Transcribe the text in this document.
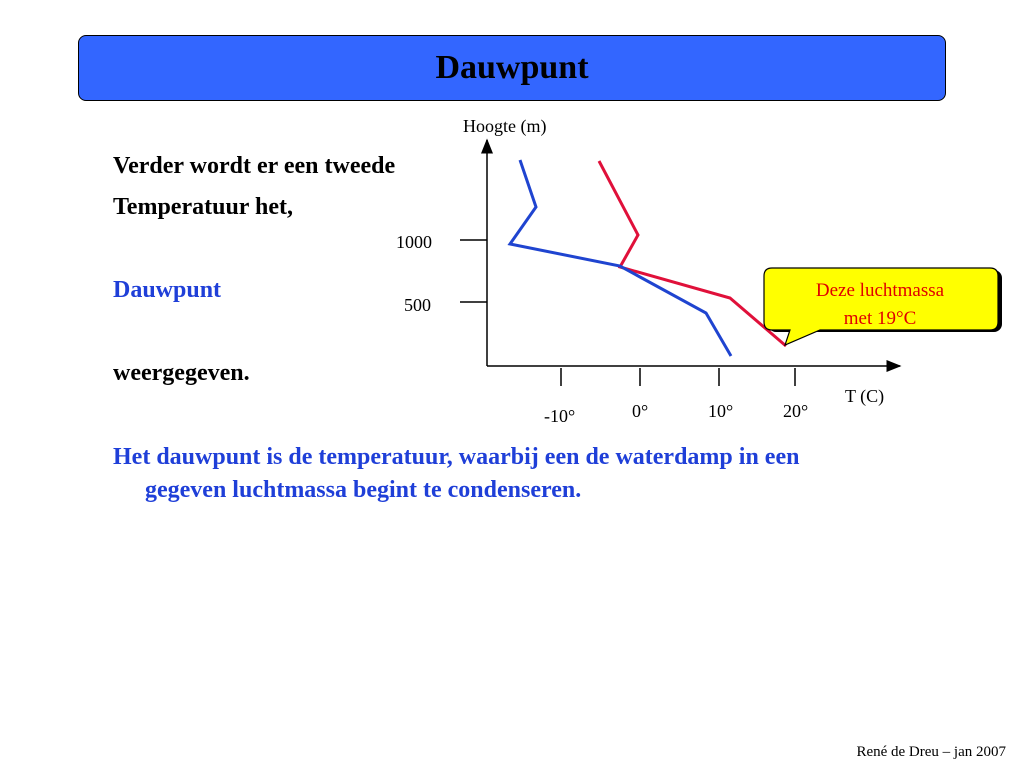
Dauwpunt
Verder wordt er een tweede
Temperatuur het,
Dauwpunt
weergegeven.
Het dauwpunt is de temperatuur, waarbij een de waterdamp in een
gegeven luchtmassa begint te condenseren.
Hoogte (m)
T (C)
1000
500
-10°	0°	10°	20°
Deze luchtmassa
met 19°C
René de Dreu – jan 2007
